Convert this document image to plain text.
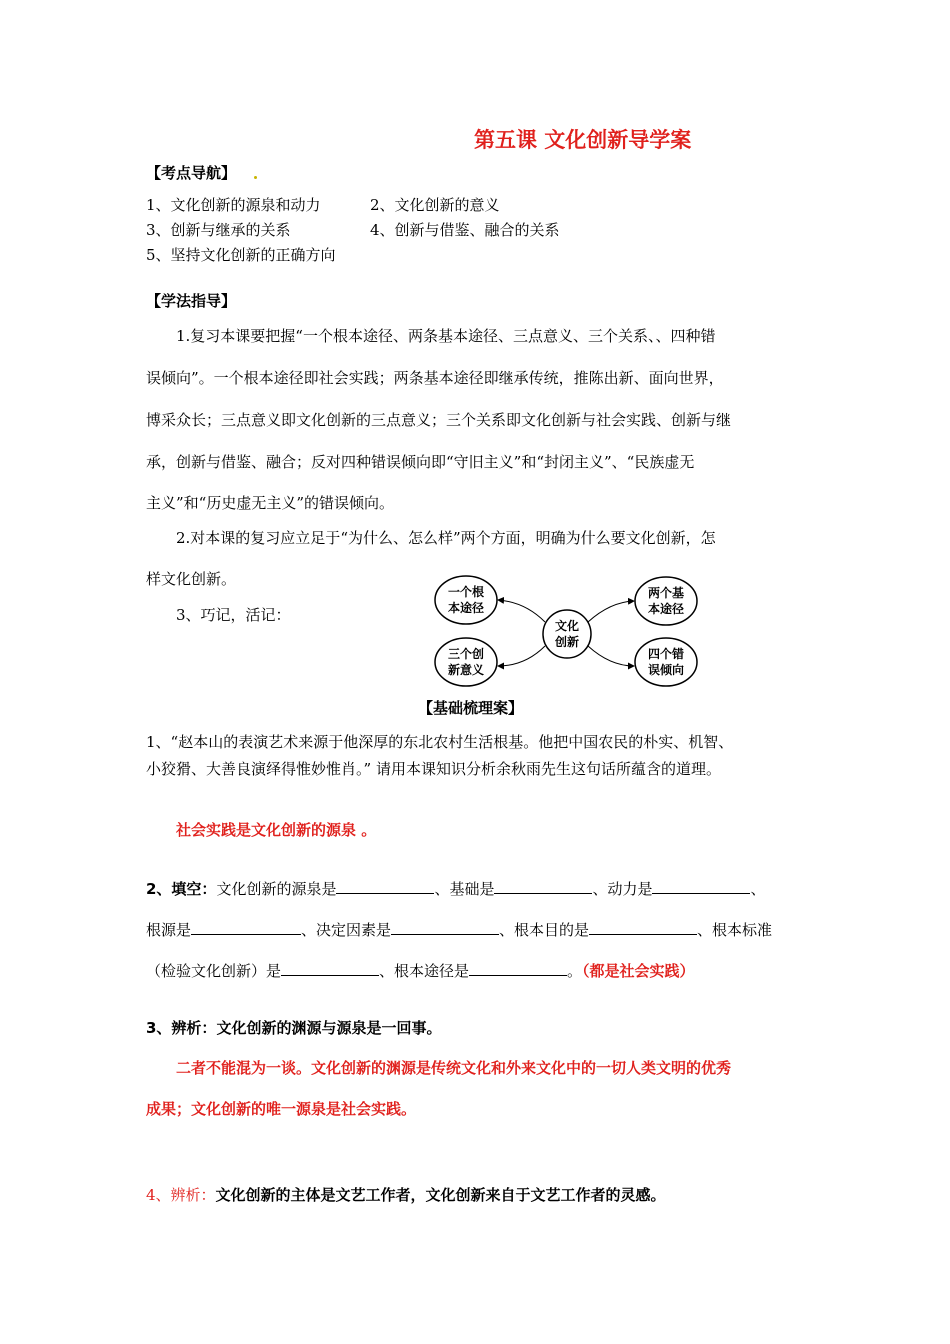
第五课 文化创新导学案
【考点导航】
1、文化创新的源泉和动力	2、文化创新的意义
3、创新与继承的关系	4、创新与借鉴、融合的关系
5、坚持文化创新的正确方向
【学法指导】
1.复习本课要把握“一个根本途径、两条基本途径、三点意义、三个关系、、四种错
误倾向”。一个根本途径即社会实践；两条基本途径即继承传统，推陈出新、面向世界，
博采众长；三点意义即文化创新的三点意义；三个关系即文化创新与社会实践、创新与继
承，创新与借鉴、融合；反对四种错误倾向即“守旧主义”和“封闭主义”、“民族虚无
主义”和“历史虚无主义”的错误倾向。
2.对本课的复习应立足于“为什么、怎么样”两个方面，明确为什么要文化创新，怎
样文化创新。
3、巧记，活记：
文化
创新
一个根
本途径
两个基
本途径
三个创
新意义
四个错
误倾向
【基础梳理案】
1、“赵本山的表演艺术来源于他深厚的东北农村生活根基。他把中国农民的朴实、机智、
小狡猾、大善良演绎得惟妙惟肖。” 请用本课知识分析余秋雨先生这句话所蕴含的道理。
社会实践是文化创新的源泉 。
2、填空：文化创新的源泉是	、基础是	、动力是	、
根源是	、决定因素是	、根本目的是	、根本标准
（检验文化创新）是	、根本途径是	。（都是社会实践）
3、辨析：文化创新的渊源与源泉是一回事。
二者不能混为一谈。文化创新的渊源是传统文化和外来文化中的一切人类文明的优秀
成果；文化创新的唯一源泉是社会实践。
4、辨析：文化创新的主体是文艺工作者，文化创新来自于文艺工作者的灵感。
